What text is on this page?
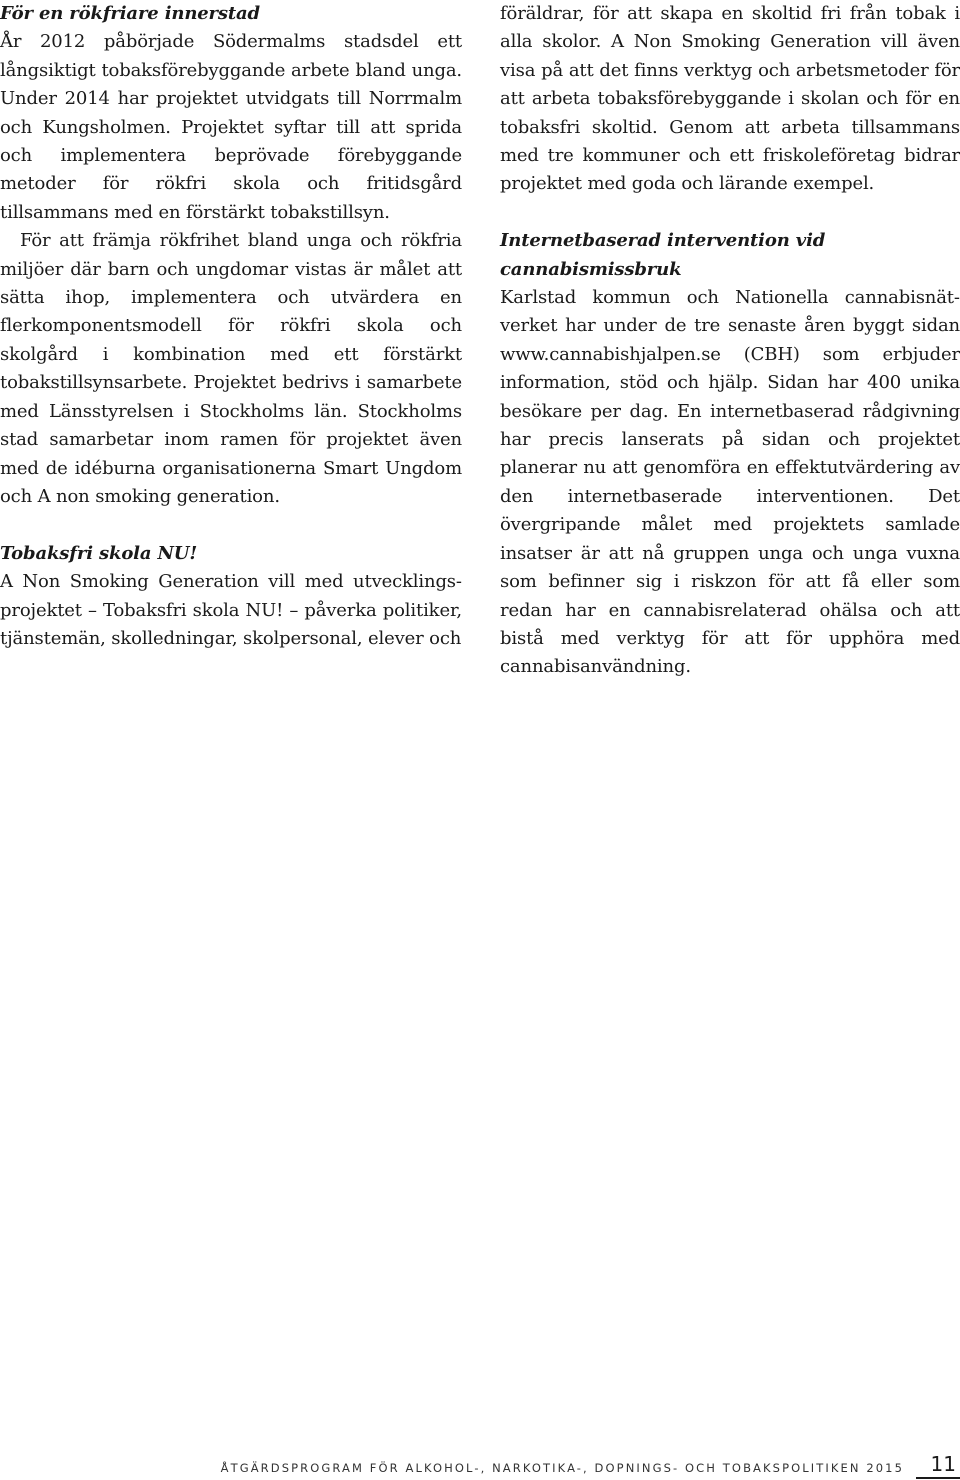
För en rökfriare innerstad

År 2012 påbörjade Södermalms stadsdel ett långsiktigt tobaksförebyggande arbete bland unga. Under 2014 har projektet utvidgats till Norrmalm och Kungsholmen. Projektet syftar till att sprida och implementera beprövade förebyggande metoder för rökfri skola och fritidsgård tillsammans med en förstärkt tobakstillsyn.

För att främja rökfrihet bland unga och rökfria miljöer där barn och ungdomar vistas är målet att sätta ihop, implementera och utvärdera en flerkomponentsmodell för rökfri skola och skolgård i kombination med ett förstärkt tobakstillsynsarbete. Projektet bedrivs i samarbete med Länsstyrelsen i Stockholms län. Stockholms stad samarbetar inom ramen för projektet även med de idéburna organisationerna Smart Ungdom och A non smoking generation.

Tobaksfri skola NU!

A Non Smoking Generation vill med utvecklingsprojektet – Tobaksfri skola NU! – påverka politiker, tjänstemän, skolledningar, skolpersonal, elever och

föräldrar, för att skapa en skoltid fri från tobak i alla skolor. A Non Smoking Generation vill även visa på att det finns verktyg och arbetsmetoder för att arbeta tobaksförebyggande i skolan och för en tobaksfri skoltid. Genom att arbeta tillsammans med tre kommuner och ett friskoleföretag bidrar projektet med goda och lärande exempel.

Internetbaserad intervention vid cannabismissbruk

Karlstad kommun och Nationella cannabisnätverket har under de tre senaste åren byggt sidan www.cannabishjalpen.se (CBH) som erbjuder information, stöd och hjälp. Sidan har 400 unika besökare per dag. En internetbaserad rådgivning har precis lanserats på sidan och projektet planerar nu att genomföra en effektutvärdering av den internetbaserade interventionen. Det övergripande målet med projektets samlade insatser är att nå gruppen unga och unga vuxna som befinner sig i riskzon för att få eller som redan har en cannabisrelaterad ohälsa och att bistå med verktyg för att för upphöra med cannabisanvändning.

ÅTGÄRDSPROGRAM FÖR ALKOHOL-, NARKOTIKA-, DOPNINGS- OCH TOBAKSPOLITIKEN 2015 11
